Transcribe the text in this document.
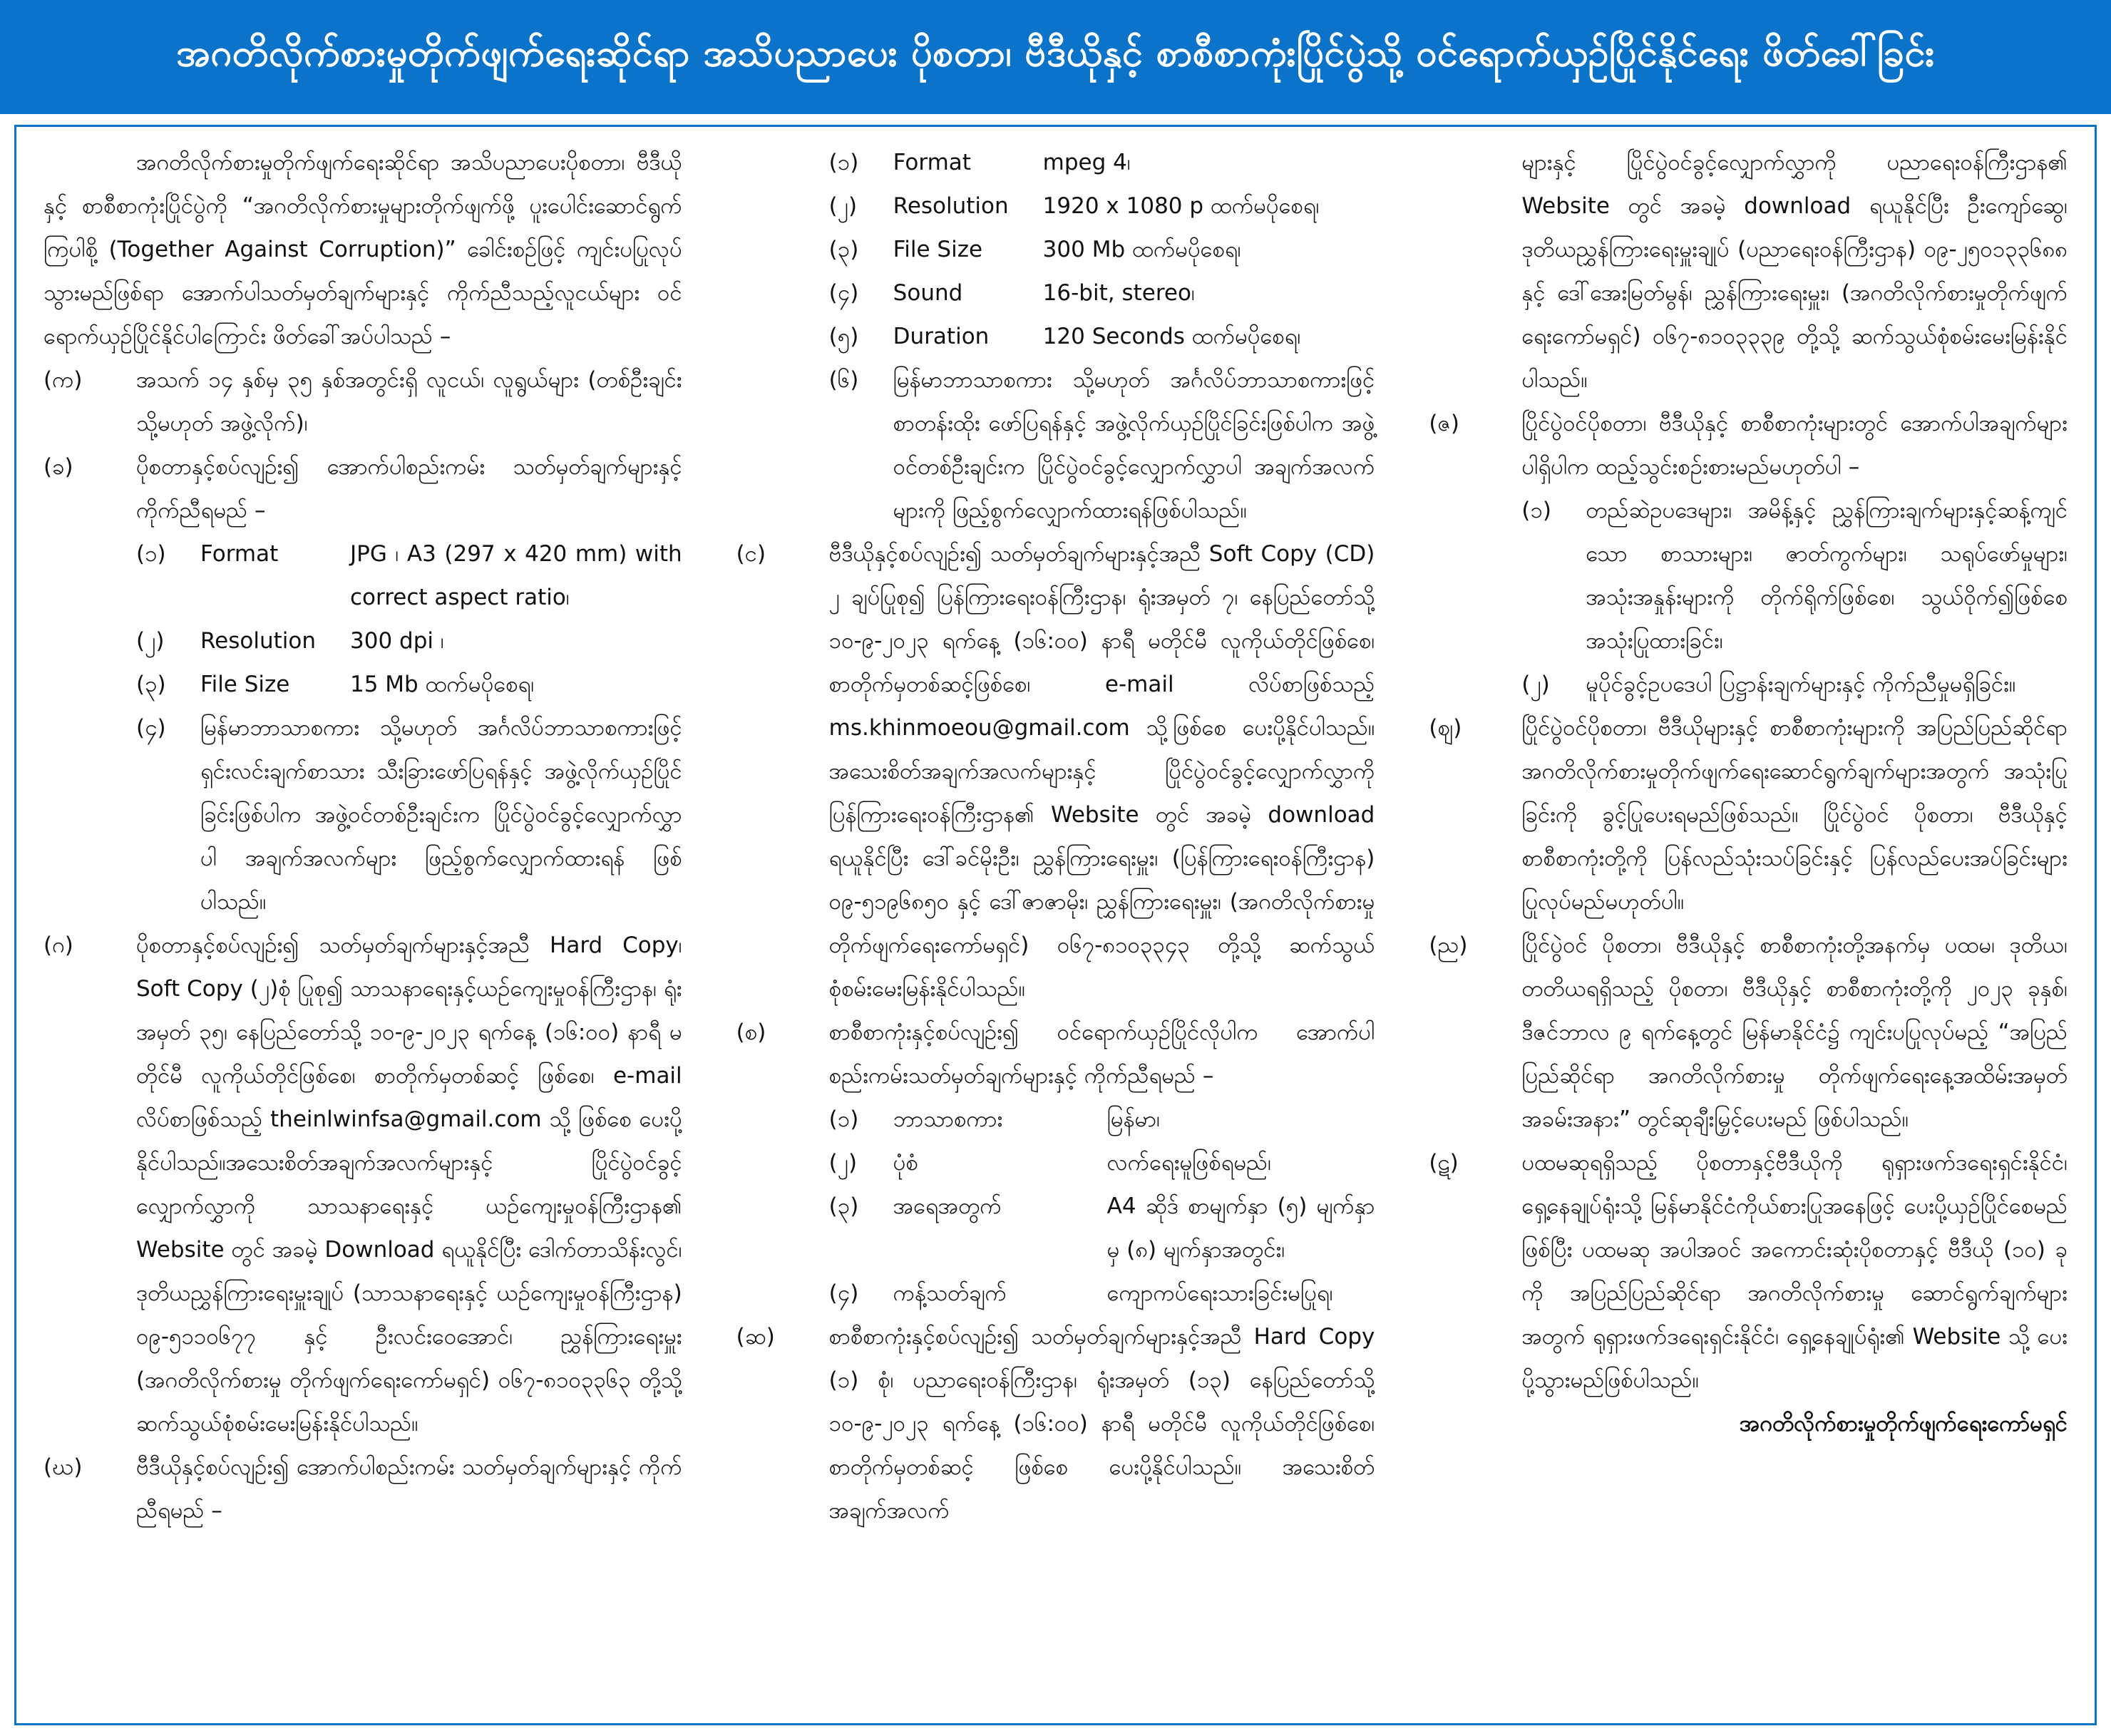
အဂတိလိုက်စားမှုတိုက်ဖျက်ရေးဆိုင်ရာ အသိပညာပေး ပိုစတာ၊ ဗီဒီယိုနှင့် စာစီစာကုံးပြိုင်ပွဲသို့ ဝင်ရောက်ယှဉ်ပြိုင်နိုင်ရေး ဖိတ်ခေါ်ခြင်း

အဂတိလိုက်စားမှုတိုက်ဖျက်ရေးဆိုင်ရာ အသိပညာပေးပိုစတာ၊ ဗီဒီယိုနှင့် စာစီစာကုံးပြိုင်ပွဲကို “အဂတိလိုက်စားမှုများတိုက်ဖျက်ဖို့ ပူးပေါင်းဆောင်ရွက်ကြပါစို့ (Together Against Corruption)” ခေါင်းစဉ်ဖြင့် ကျင်းပပြုလုပ်သွားမည်ဖြစ်ရာ အောက်ပါသတ်မှတ်ချက်များနှင့် ကိုက်ညီသည့်လူငယ်များ ဝင်ရောက်ယှဉ်ပြိုင်နိုင်ပါကြောင်း ဖိတ်ခေါ်အပ်ပါသည် –

(က)	အသက် ၁၄ နှစ်မှ ၃၅ နှစ်အတွင်းရှိ လူငယ်၊ လူရွယ်များ (တစ်ဦးချင်း သို့မဟုတ် အဖွဲ့လိုက်)၊
(ခ)	ပိုစတာနှင့်စပ်လျဉ်း၍ အောက်ပါစည်းကမ်း သတ်မှတ်ချက်များနှင့်ကိုက်ညီရမည် –
(၁)	Format	JPG ၊ A3 (297 x 420 mm) with correct aspect ratio၊
(၂)	Resolution	300 dpi ၊
(၃)	File Size	15 Mb ထက်မပိုစေရ၊
(၄)	မြန်မာဘာသာစကား သို့မဟုတ် အင်္ဂလိပ်ဘာသာစကားဖြင့် ရှင်းလင်းချက်စာသား သီးခြားဖော်ပြရန်နှင့် အဖွဲ့လိုက်ယှဉ်ပြိုင်ခြင်းဖြစ်ပါက အဖွဲ့ဝင်တစ်ဦးချင်းက ပြိုင်ပွဲဝင်ခွင့်လျှောက်လွှာပါ အချက်အလက်များ ဖြည့်စွက်လျှောက်ထားရန် ဖြစ်ပါသည်။
(ဂ)	ပိုစတာနှင့်စပ်လျဉ်း၍ သတ်မှတ်ချက်များနှင့်အညီ Hard Copy၊ Soft Copy (၂)စုံ ပြုစု၍ သာသနာရေးနှင့်ယဉ်ကျေးမှုဝန်ကြီးဌာန၊ ရုံးအမှတ် ၃၅၊ နေပြည်တော်သို့ ၁၀-၉-၂၀၂၃ ရက်နေ့ (၁၆:၀၀) နာရီ မတိုင်မီ လူကိုယ်တိုင်ဖြစ်စေ၊ စာတိုက်မှတစ်ဆင့် ဖြစ်စေ၊ e-mail လိပ်စာဖြစ်သည့် theinlwinfsa@gmail.com သို့ ဖြစ်စေ ပေးပို့နိုင်ပါသည်။အသေးစိတ်အချက်အလက်များနှင့် ပြိုင်ပွဲဝင်ခွင့်လျှောက်လွှာကို သာသနာရေးနှင့် ယဉ်ကျေးမှုဝန်ကြီးဌာန၏ Website တွင် အခမဲ့ Download ရယူနိုင်ပြီး ဒေါက်တာသိန်းလွင်၊ ဒုတိယညွှန်ကြားရေးမှူးချုပ် (သာသနာရေးနှင့် ယဉ်ကျေးမှုဝန်ကြီးဌာန) ၀၉-၅၁၁၀၆၇၇ နှင့် ဦးလင်းဝေအောင်၊ ညွှန်ကြားရေးမှူး (အဂတိလိုက်စားမှု တိုက်ဖျက်ရေးကော်မရှင်) ၀၆၇-၈၁၀၃၃၆၃ တို့သို့ ဆက်သွယ်စုံစမ်းမေးမြန်းနိုင်ပါသည်။
(ဃ)	ဗီဒီယိုနှင့်စပ်လျဉ်း၍ အောက်ပါစည်းကမ်း သတ်မှတ်ချက်များနှင့် ကိုက်ညီရမည် –
(၁)	Format	mpeg 4၊
(၂)	Resolution	1920 x 1080 p ထက်မပိုစေရ၊
(၃)	File Size	300 Mb ထက်မပိုစေရ၊
(၄)	Sound	16-bit, stereo၊
(၅)	Duration	120 Seconds ထက်မပိုစေရ၊
(၆)	မြန်မာဘာသာစကား သို့မဟုတ် အင်္ဂလိပ်ဘာသာစကားဖြင့် စာတန်းထိုး ဖော်ပြရန်နှင့် အဖွဲ့လိုက်ယှဉ်ပြိုင်ခြင်းဖြစ်ပါက အဖွဲ့ဝင်တစ်ဦးချင်းက ပြိုင်ပွဲဝင်ခွင့်လျှောက်လွှာပါ အချက်အလက်များကို ဖြည့်စွက်လျှောက်ထားရန်ဖြစ်ပါသည်။
(င)	ဗီဒီယိုနှင့်စပ်လျဉ်း၍ သတ်မှတ်ချက်များနှင့်အညီ Soft Copy (CD) ၂ ချပ်ပြုစု၍ ပြန်ကြားရေးဝန်ကြီးဌာန၊ ရုံးအမှတ် ၇၊ နေပြည်တော်သို့ ၁၀-၉-၂၀၂၃ ရက်နေ့ (၁၆:၀၀) နာရီ မတိုင်မီ လူကိုယ်တိုင်ဖြစ်စေ၊ စာတိုက်မှတစ်ဆင့်ဖြစ်စေ၊ e-mail လိပ်စာဖြစ်သည့် ms.khinmoeou@gmail.com သို့ဖြစ်စေ ပေးပို့နိုင်ပါသည်။ အသေးစိတ်အချက်အလက်များနှင့် ပြိုင်ပွဲဝင်ခွင့်လျှောက်လွှာကို ပြန်ကြားရေးဝန်ကြီးဌာန၏ Website တွင် အခမဲ့ download ရယူနိုင်ပြီး ဒေါ်ခင်မိုးဦး၊ ညွှန်ကြားရေးမှူး၊ (ပြန်ကြားရေးဝန်ကြီးဌာန) ၀၉-၅၁၉၆၈၅၀ နှင့် ဒေါ်ဇာဇာမိုး၊ ညွှန်ကြားရေးမှူး၊ (အဂတိလိုက်စားမှုတိုက်ဖျက်ရေးကော်မရှင်) ၀၆၇-၈၁၀၃၃၄၃ တို့သို့ ဆက်သွယ်စုံစမ်းမေးမြန်းနိုင်ပါသည်။
(စ)	စာစီစာကုံးနှင့်စပ်လျဉ်း၍ ဝင်ရောက်ယှဉ်ပြိုင်လိုပါက အောက်ပါ စည်းကမ်းသတ်မှတ်ချက်များနှင့် ကိုက်ညီရမည် –
(၁)	ဘာသာစကား	မြန်မာ၊
(၂)	ပုံစံ	လက်ရေးမူဖြစ်ရမည်၊
(၃)	အရေအတွက်	A4 ဆိုဒ် စာမျက်နှာ (၅) မျက်နှာမှ (၈) မျက်နှာအတွင်း၊
(၄)	ကန့်သတ်ချက်	ကျောကပ်ရေးသားခြင်းမပြုရ၊
(ဆ)	စာစီစာကုံးနှင့်စပ်လျဉ်း၍ သတ်မှတ်ချက်များနှင့်အညီ Hard Copy (၁) စုံ၊ ပညာရေးဝန်ကြီးဌာန၊ ရုံးအမှတ် (၁၃) နေပြည်တော်သို့ ၁၀-၉-၂၀၂၃ ရက်နေ့ (၁၆:၀၀) နာရီ မတိုင်မီ လူကိုယ်တိုင်ဖြစ်စေ၊ စာတိုက်မှတစ်ဆင့် ဖြစ်စေ ပေးပို့နိုင်ပါသည်။ အသေးစိတ်အချက်အလက်
များနှင့် ပြိုင်ပွဲဝင်ခွင့်လျှောက်လွှာကို ပညာရေးဝန်ကြီးဌာန၏ Website တွင် အခမဲ့ download ရယူနိုင်ပြီး ဦးကျော်ဆွေ၊ ဒုတိယညွှန်ကြားရေးမှူးချုပ် (ပညာရေးဝန်ကြီးဌာန) ၀၉-၂၅၀၁၃၃၆၈၈ နှင့် ဒေါ်အေးမြတ်မွန်၊ ညွှန်ကြားရေးမှူး၊ (အဂတိလိုက်စားမှုတိုက်ဖျက်ရေးကော်မရှင်) ၀၆၇-၈၁၀၃၃၃၉ တို့သို့ ဆက်သွယ်စုံစမ်းမေးမြန်းနိုင်ပါသည်။
(ဇ)	ပြိုင်ပွဲဝင်ပိုစတာ၊ ဗီဒီယိုနှင့် စာစီစာကုံးများတွင် အောက်ပါအချက်များ ပါရှိပါက ထည့်သွင်းစဉ်းစားမည်မဟုတ်ပါ –
(၁)	တည်ဆဲဥပဒေများ၊ အမိန့်နှင့် ညွှန်ကြားချက်များနှင့်ဆန့်ကျင်သော စာသားများ၊ ဇာတ်ကွက်များ၊ သရုပ်ဖော်မှုများ၊ အသုံးအနှုန်းများကို တိုက်ရိုက်ဖြစ်စေ၊ သွယ်ဝိုက်၍ဖြစ်စေ အသုံးပြုထားခြင်း၊
(၂)	မူပိုင်ခွင့်ဥပဒေပါ ပြဋ္ဌာန်းချက်များနှင့် ကိုက်ညီမှုမရှိခြင်း။
(ဈ)	ပြိုင်ပွဲဝင်ပိုစတာ၊ ဗီဒီယိုများနှင့် စာစီစာကုံးများကို အပြည်ပြည်ဆိုင်ရာ အဂတိလိုက်စားမှုတိုက်ဖျက်ရေးဆောင်ရွက်ချက်များအတွက် အသုံးပြုခြင်းကို ခွင့်ပြုပေးရမည်ဖြစ်သည်။ ပြိုင်ပွဲဝင် ပိုစတာ၊ ဗီဒီယိုနှင့် စာစီစာကုံးတို့ကို ပြန်လည်သုံးသပ်ခြင်းနှင့် ပြန်လည်ပေးအပ်ခြင်းများ ပြုလုပ်မည်မဟုတ်ပါ။
(ည)	ပြိုင်ပွဲဝင် ပိုစတာ၊ ဗီဒီယိုနှင့် စာစီစာကုံးတို့အနက်မှ ပထမ၊ ဒုတိယ၊ တတိယရရှိသည့် ပိုစတာ၊ ဗီဒီယိုနှင့် စာစီစာကုံးတို့ကို ၂၀၂၃ ခုနှစ်၊ ဒီဇင်ဘာလ ၉ ရက်နေ့တွင် မြန်မာနိုင်ငံ၌ ကျင်းပပြုလုပ်မည့် “အပြည်ပြည်ဆိုင်ရာ အဂတိလိုက်စားမှု တိုက်ဖျက်ရေးနေ့အထိမ်းအမှတ်အခမ်းအနား” တွင်ဆုချီးမြှင့်ပေးမည် ဖြစ်ပါသည်။
(ဋ)	ပထမဆုရရှိသည့် ပိုစတာနှင့်ဗီဒီယိုကို ရုရှားဖက်ဒရေးရှင်းနိုင်ငံ၊ ရှေ့နေချုပ်ရုံးသို့ မြန်မာနိုင်ငံကိုယ်စားပြုအနေဖြင့် ပေးပို့ယှဉ်ပြိုင်စေမည်ဖြစ်ပြီး ပထမဆု အပါအဝင် အကောင်းဆုံးပိုစတာနှင့် ဗီဒီယို (၁၀) ခုကို အပြည်ပြည်ဆိုင်ရာ အဂတိလိုက်စားမှု ဆောင်ရွက်ချက်များအတွက် ရုရှားဖက်ဒရေးရှင်းနိုင်ငံ၊ ရှေ့နေချုပ်ရုံး၏ Website သို့ ပေးပို့သွားမည်ဖြစ်ပါသည်။

အဂတိလိုက်စားမှုတိုက်ဖျက်ရေးကော်မရှင်
